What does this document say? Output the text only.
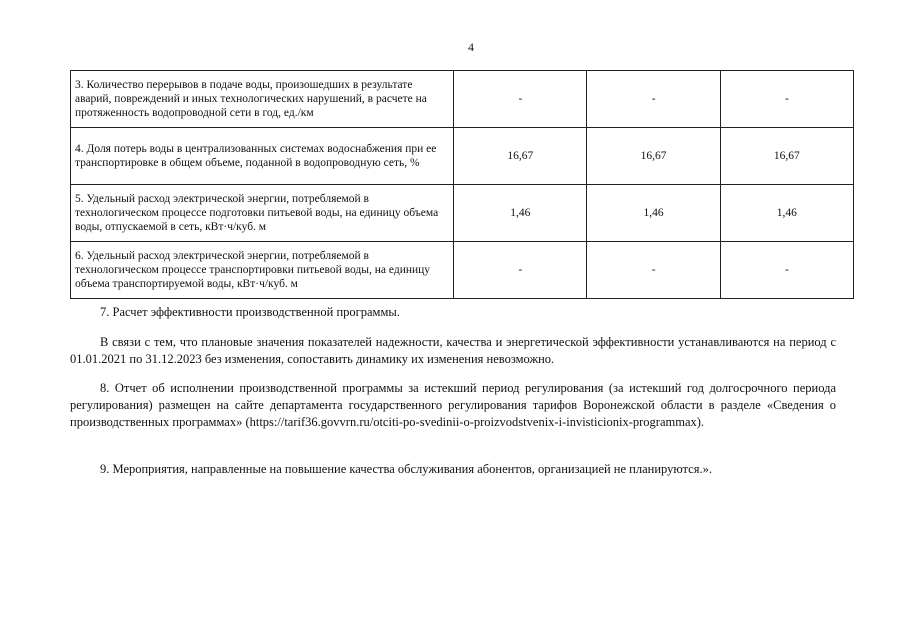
4
3. Количество перерывов в подаче воды, произошедших в результате аварий, повреждений и иных технологических нарушений, в расчете на протяженность водопроводной сети в год, ед./км	-	-	-
4. Доля потерь воды в централизованных системах водоснабжения при ее транспортировке в общем объеме, поданной в водопроводную сеть, %	16,67	16,67	16,67
5. Удельный расход электрической энергии, потребляемой в технологическом процессе подготовки питьевой воды, на единицу объема воды, отпускаемой в сеть, кВт·ч/куб. м	1,46	1,46	1,46
6. Удельный расход электрической энергии, потребляемой в технологическом процессе транспортировки питьевой воды, на единицу объема транспортируемой воды, кВт·ч/куб. м	-	-	-

7. Расчет эффективности производственной программы.

В связи с тем, что плановые значения показателей надежности, качества и энергетической эффективности устанавливаются на период с 01.01.2021 по 31.12.2023 без изменения, сопоставить динамику их изменения невозможно.

8. Отчет об исполнении производственной программы за истекший период регулирования (за истекший год долгосрочного периода регулирования) размещен на сайте департамента государственного регулирования тарифов Воронежской области в разделе «Сведения о производственных программах» (https://tarif36.govvrn.ru/otciti-po-svedinii-o-proizvodstvenix-i-invisticionix-programmax).

9. Мероприятия, направленные на повышение качества обслуживания абонентов, организацией не планируются.».
